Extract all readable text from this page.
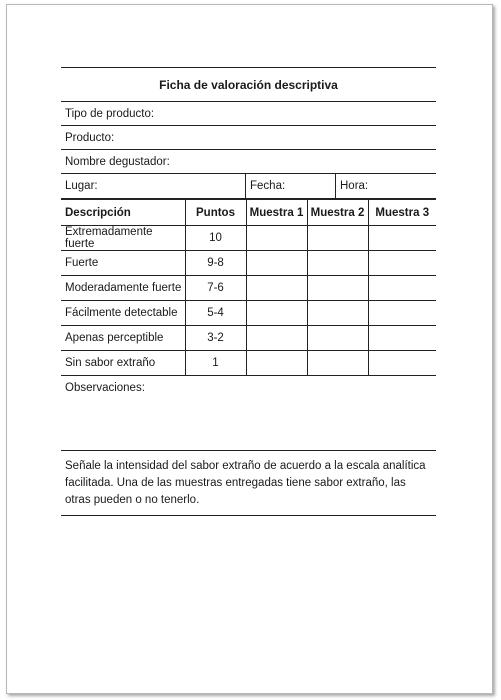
Ficha de valoración descriptiva
Tipo de producto:
Producto:
Nombre degustador:
Lugar:	Fecha:	Hora:
Descripción	Puntos	Muestra 1	Muestra 2	Muestra 3
Extremadamente fuerte	10			
Fuerte	9-8			
Moderadamente fuerte	7-6			
Fácilmente detectable	5-4			
Apenas perceptible	3-2			
Sin sabor extraño	1			
Observaciones:
Señale la intensidad del sabor extraño de acuerdo a la escala analítica facilitada. Una de las muestras entregadas tiene sabor extraño, las otras pueden o no tenerlo.
